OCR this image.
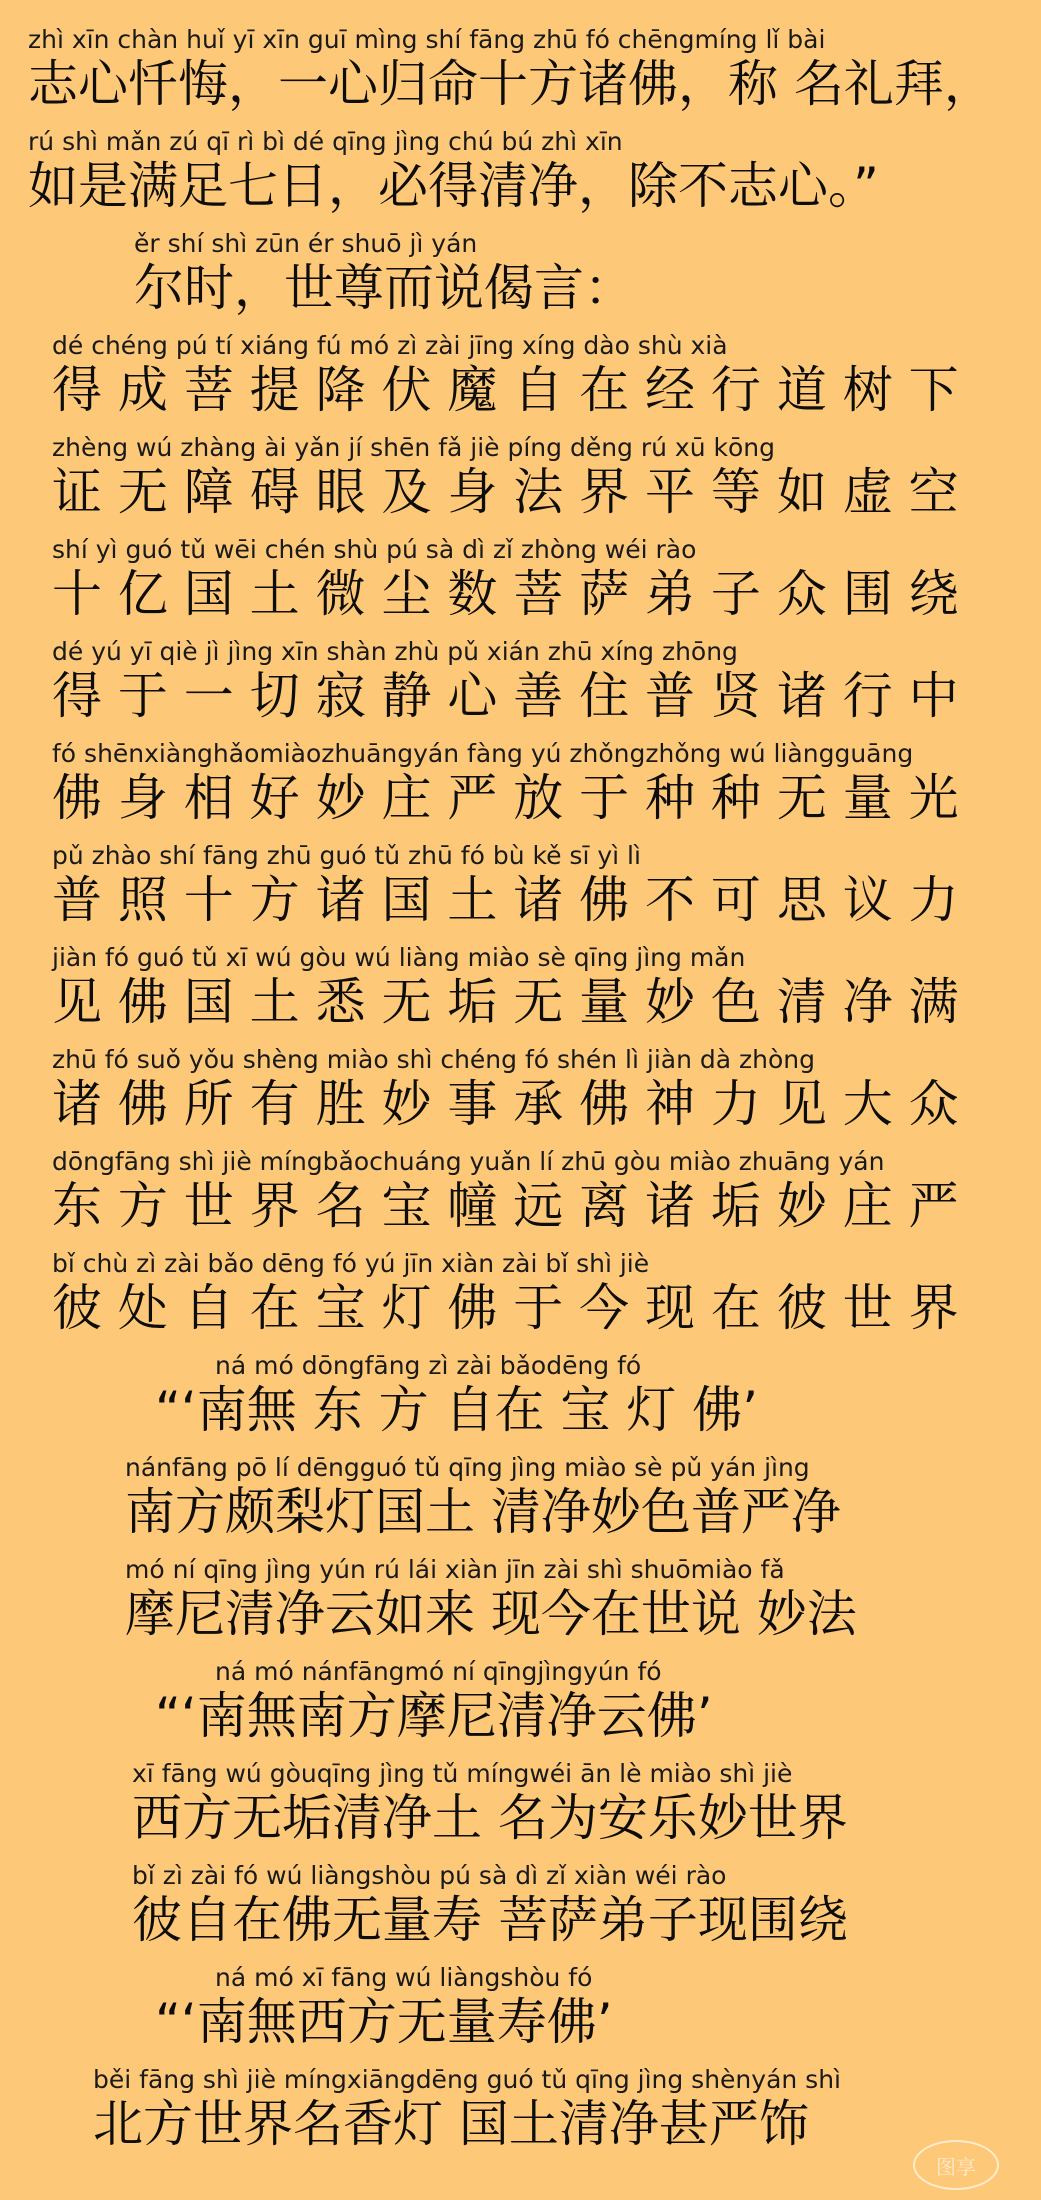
zhì xīn chàn huǐ yī xīn guī mìng shí fāng zhū fó chēngmíng lǐ bài
志心忏悔，一心归命十方诸佛，称 名礼拜，
rú shì mǎn zú qī rì bì dé qīng jìng chú bú zhì xīn
如是满足七日，必得清净，除不志心。”
ěr shí shì zūn ér shuō jì yán
尔时，世尊而说偈言：
dé chéng pú tí xiáng fú mó zì zài jīng xíng dào shù xià
得 成 菩 提 降 伏 魔 自 在 经 行 道 树 下
zhèng wú zhàng ài yǎn jí shēn fǎ jiè píng děng rú xū kōng
证 无 障 碍 眼 及 身 法 界 平 等 如 虚 空
shí yì guó tǔ wēi chén shù pú sà dì zǐ zhòng wéi rào
十 亿 国 土 微 尘 数 菩 萨 弟 子 众 围 绕
dé yú yī qiè jì jìng xīn shàn zhù pǔ xián zhū xíng zhōng
得 于 一 切 寂 静 心 善 住 普 贤 诸 行 中
fó shēnxiànghǎomiàozhuāngyán fàng yú zhǒngzhǒng wú liàngguāng
佛 身 相 好 妙 庄 严 放 于 种 种 无 量 光
pǔ zhào shí fāng zhū guó tǔ zhū fó bù kě sī yì lì
普 照 十 方 诸 国 土 诸 佛 不 可 思 议 力
jiàn fó guó tǔ xī wú gòu wú liàng miào sè qīng jìng mǎn
见 佛 国 土 悉 无 垢 无 量 妙 色 清 净 满
zhū fó suǒ yǒu shèng miào shì chéng fó shén lì jiàn dà zhòng
诸 佛 所 有 胜 妙 事 承 佛 神 力 见 大 众
dōngfāng shì jiè míngbǎochuáng yuǎn lí zhū gòu miào zhuāng yán
东 方 世 界 名 宝 幢 远 离 诸 垢 妙 庄 严
bǐ chù zì zài bǎo dēng fó yú jīn xiàn zài bǐ shì jiè
彼 处 自 在 宝 灯 佛 于 今 现 在 彼 世 界
ná mó dōngfāng zì zài bǎodēng fó
“‘南無 东 方 自在 宝 灯 佛’
nánfāng pō lí dēngguó tǔ qīng jìng miào sè pǔ yán jìng
南方颇梨灯国土 清净妙色普严净
mó ní qīng jìng yún rú lái xiàn jīn zài shì shuōmiào fǎ
摩尼清净云如来 现今在世说 妙法
ná mó nánfāngmó ní qīngjìngyún fó
“‘南無南方摩尼清净云佛’
xī fāng wú gòuqīng jìng tǔ míngwéi ān lè miào shì jiè
西方无垢清净土 名为安乐妙世界
bǐ zì zài fó wú liàngshòu pú sà dì zǐ xiàn wéi rào
彼自在佛无量寿 菩萨弟子现围绕
ná mó xī fāng wú liàngshòu fó
“‘南無西方无量寿佛’
běi fāng shì jiè míngxiāngdēng guó tǔ qīng jìng shènyán shì
北方世界名香灯 国土清净甚严饰
图享
